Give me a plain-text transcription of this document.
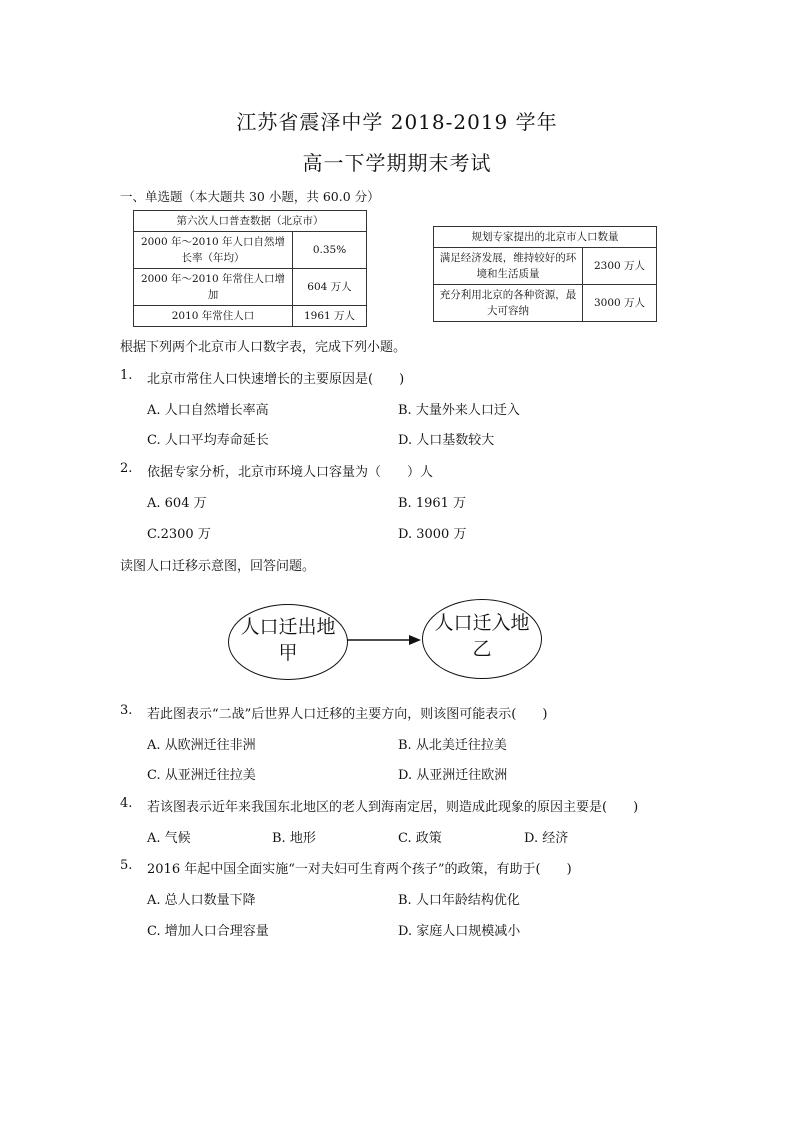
江苏省震泽中学 2018-2019 学年
高一下学期期末考试
一、单选题（本大题共 30 小题，共 60.0 分）
第六次人口普查数据（北京市）	
2000 年～2010 年人口自然增长率（年均）	0.35%
2000 年～2010 年常住人口增加	604 万人
2010 年常住人口	1961 万人
规划专家提出的北京市人口数量	
满足经济发展，维持较好的环境和生活质量	2300 万人
充分利用北京的各种资源，最大可容纳	3000 万人
根据下列两个北京市人口数字表，完成下列小题。
1. 北京市常住人口快速增长的主要原因是(　　)
A. 人口自然增长率高	B. 大量外来人口迁入
C. 人口平均寿命延长	D. 人口基数较大
2. 依据专家分析，北京市环境人口容量为（　　）人
A. 604 万	B. 1961 万
C.2300 万	D. 3000 万
读图人口迁移示意图，回答问题。
人口迁出地
甲
人口迁入地
乙
3. 若此图表示“二战”后世界人口迁移的主要方向，则该图可能表示(　　)
A. 从欧洲迁往非洲	B. 从北美迁往拉美
C. 从亚洲迁往拉美	D. 从亚洲迁往欧洲
4. 若该图表示近年来我国东北地区的老人到海南定居，则造成此现象的原因主要是(　　)
A. 气候	B. 地形	C. 政策	D. 经济
5. 2016 年起中国全面实施“一对夫妇可生育两个孩子”的政策，有助于(　　)
A. 总人口数量下降	B. 人口年龄结构优化
C. 增加人口合理容量	D. 家庭人口规模减小
